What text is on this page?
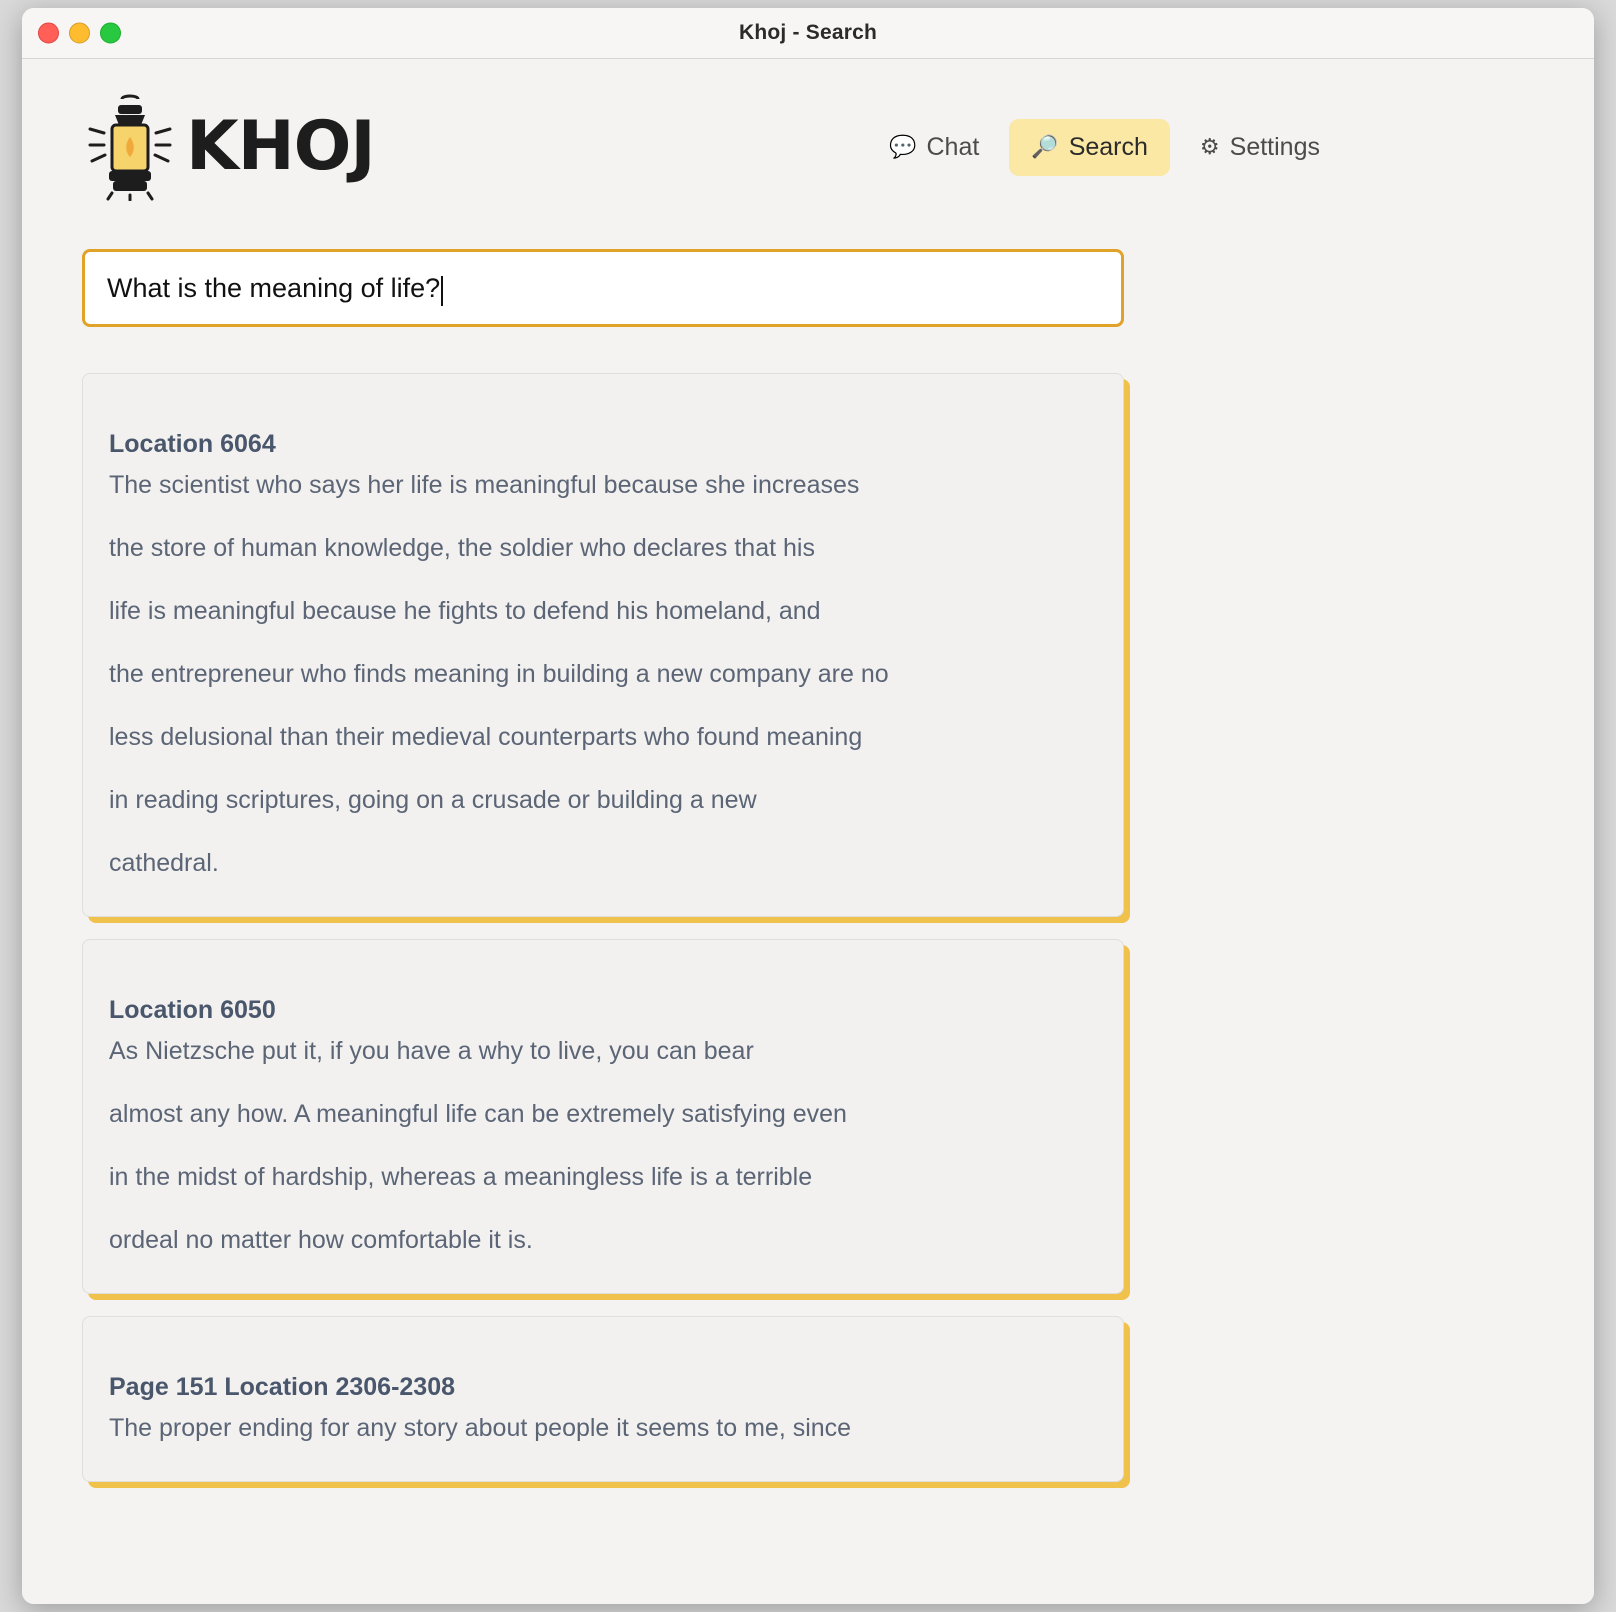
Khoj - Search
KHOJ	💬 Chat 🔎 Search ⚙ Settings
What is the meaning of life?
Location 6064

The scientist who says her life is meaningful because she increases

the store of human knowledge, the soldier who declares that his

life is meaningful because he fights to defend his homeland, and

the entrepreneur who finds meaning in building a new company are no

less delusional than their medieval counterparts who found meaning

in reading scriptures, going on a crusade or building a new

cathedral.

Location 6050

As Nietzsche put it, if you have a why to live, you can bear

almost any how. A meaningful life can be extremely satisfying even

in the midst of hardship, whereas a meaningless life is a terrible

ordeal no matter how comfortable it is.

Page 151 Location 2306-2308

The proper ending for any story about people it seems to me, since
